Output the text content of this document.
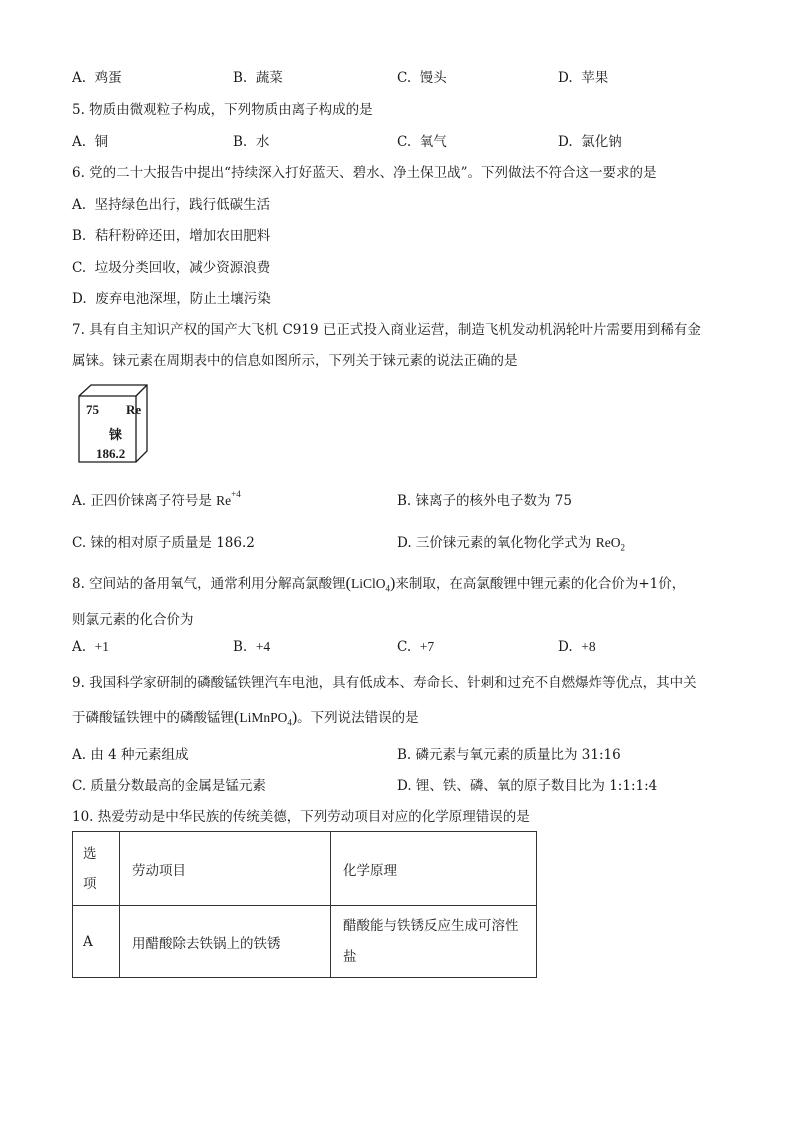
A. 鸡蛋	B. 蔬菜	C. 馒头	D. 苹果
5. 物质由微观粒子构成，下列物质由离子构成的是
A. 铜	B. 水	C. 氧气	D. 氯化钠
6. 党的二十大报告中提出“持续深入打好蓝天、碧水、净土保卫战”。下列做法不符合这一要求的是
A. 坚持绿色出行，践行低碳生活
B. 秸秆粉碎还田，增加农田肥料
C. 垃圾分类回收，减少资源浪费
D. 废弃电池深埋，防止土壤污染
7. 具有自主知识产权的国产大飞机 C919 已正式投入商业运营，制造飞机发动机涡轮叶片需要用到稀有金
属铼。铼元素在周期表中的信息如图所示，下列关于铼元素的说法正确的是
75 Re
铼
186.2
A. 正四价铼离子符号是 $Re^{+4}$	B. 铼离子的核外电子数为 75
C. 铼的相对原子质量是 186.2	D. 三价铼元素的氧化物化学式为 ReO$_2$
8. 空间站的备用氧气，通常利用分解高氯酸锂(LiClO$_4$)来制取，在高氯酸锂中锂元素的化合价为+1价，
则氯元素的化合价为
A. +1	B. +4	C. +7	D. +8
9. 我国科学家研制的磷酸锰铁锂汽车电池，具有低成本、寿命长、针刺和过充不自燃爆炸等优点，其中关
于磷酸锰铁锂中的磷酸锰锂(LiMnPO$_4$)。下列说法错误的是
A. 由 4 种元素组成	B. 磷元素与氧元素的质量比为 31:16
C. 质量分数最高的金属是锰元素	D. 锂、铁、磷、氧的原子数目比为 1:1:1:4
10. 热爱劳动是中华民族的传统美德，下列劳动项目对应的化学原理错误的是
选
项	劳动项目	化学原理
A	用醋酸除去铁锅上的铁锈	醋酸能与铁锈反应生成可溶性
盐
